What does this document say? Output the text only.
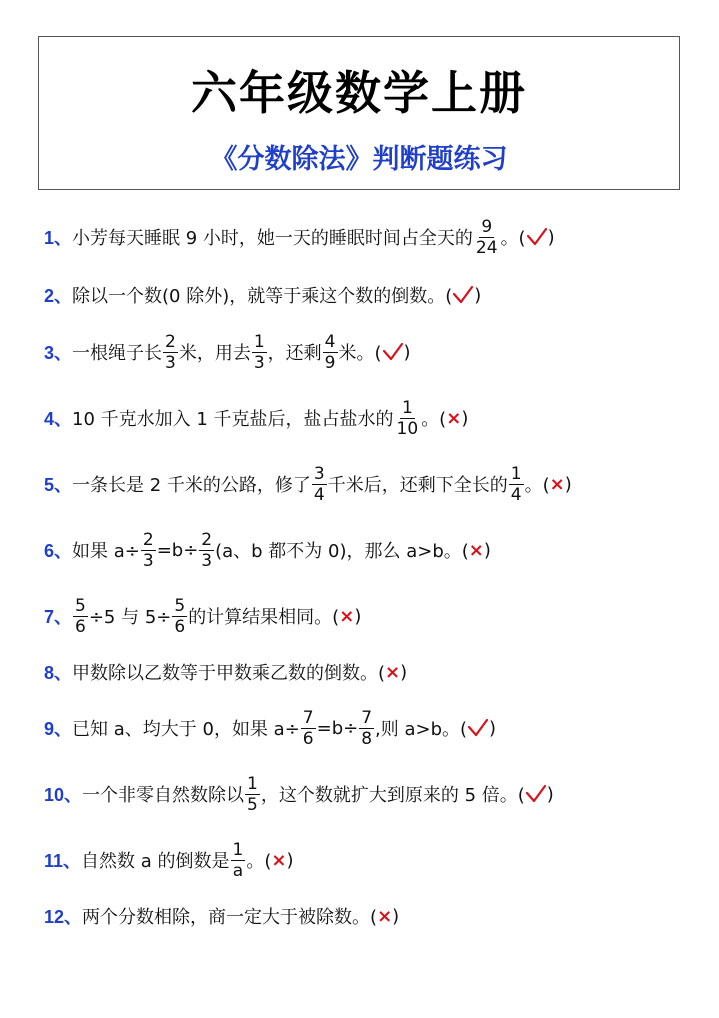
六年级数学上册
《分数除法》判断题练习
1、 小芳每天睡眠 9 小时，她一天的睡眠时间占全天的 $\frac{9}{24}$ 。( )
2、 除以一个数(0 除外)，就等于乘这个数的倒数。( )
3、 一根绳子长 $\frac{2}{3}$ 米，用去 $\frac{1}{3}$ ，还剩 $\frac{4}{9}$ 米。( )
4、 10 千克水加入 1 千克盐后，盐占盐水的 $\frac{1}{10}$ 。( × )
5、 一条长是 2 千米的公路，修了 $\frac{3}{4}$ 千米后，还剩下全长的 $\frac{1}{4}$ 。( × )
6、 如果 $a\div \frac{2}{3} =b\div \frac{2}{3} (a$、b 都不为 0)，那么 a>b。( × )
7、 $\frac{5}{6} \div 5$ 与 $5\div \frac{5}{6}$ 的计算结果相同。( × )
8、 甲数除以乙数等于甲数乘乙数的倒数。( × )
9、 已知 a、均大于 0，如果 $a\div \frac{7}{6} =b\div \frac{7}{8}$ ,则 a>b。( )
10、 一个非零自然数除以 $\frac{1}{5}$ ，这个数就扩大到原来的 5 倍。( )
11、 自然数 a 的倒数是 $\frac{1}{a}$ 。( × )
12、 两个分数相除，商一定大于被除数。( × )
